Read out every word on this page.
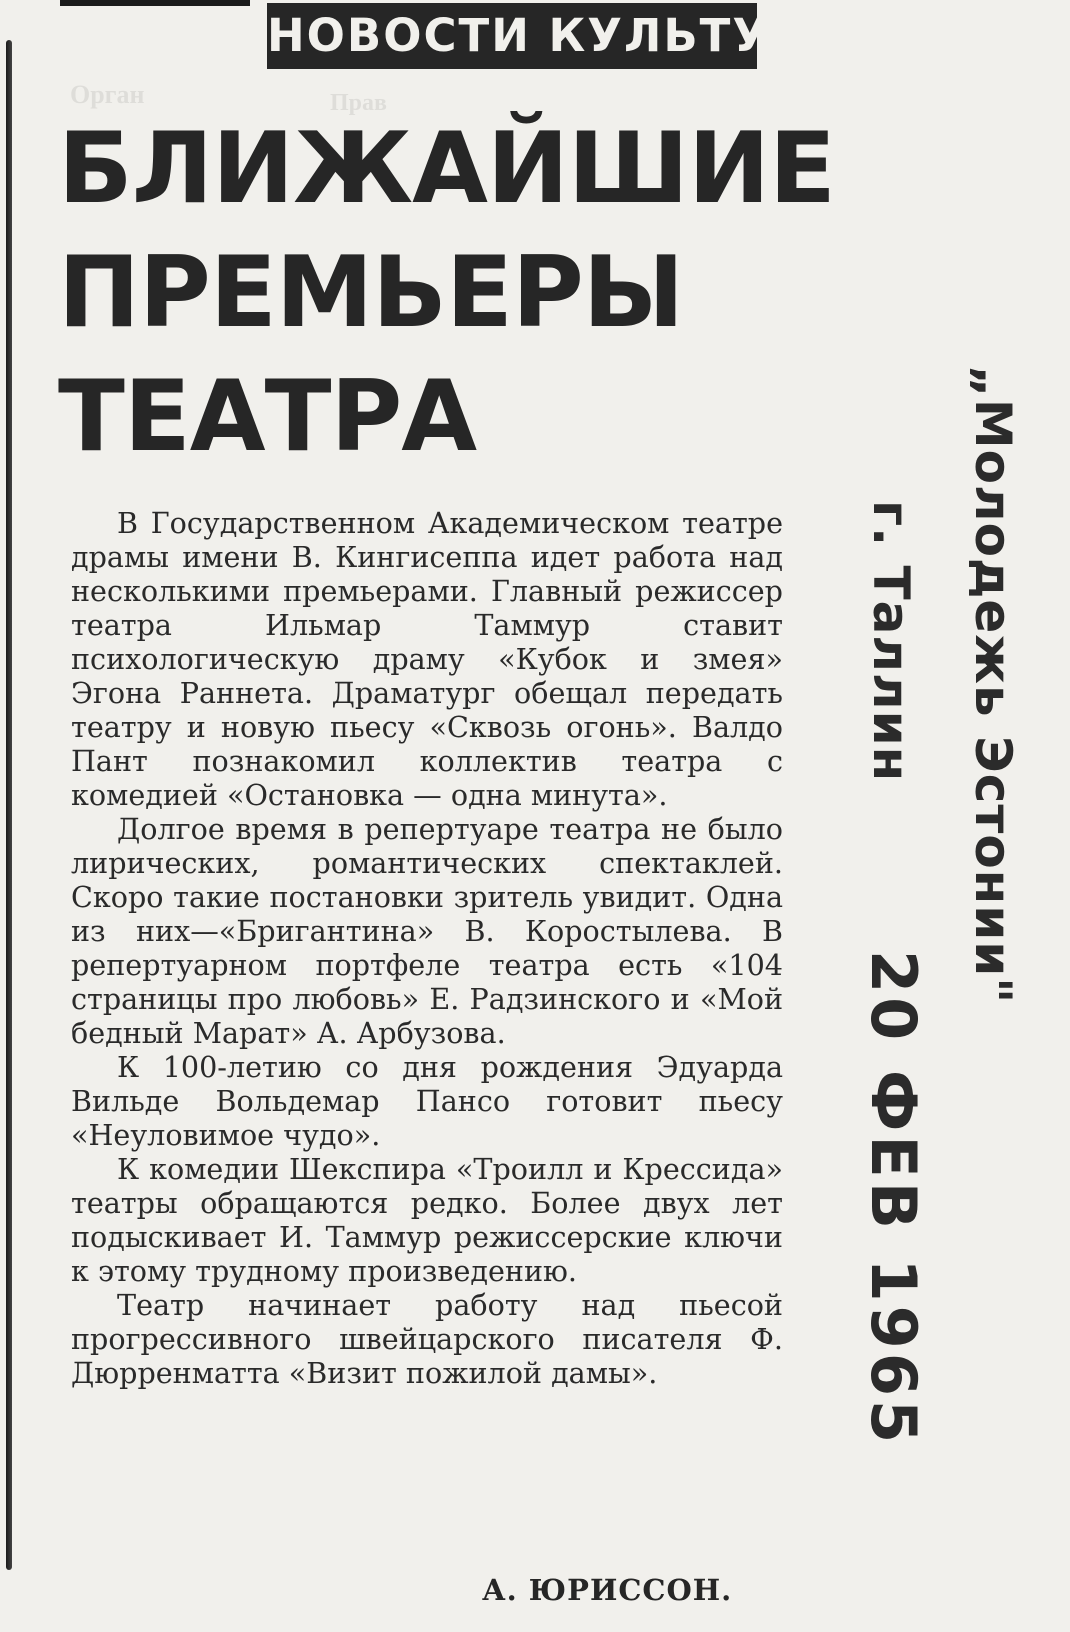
Орган	Прав
НОВОСТИ КУЛЬТУРЫ
БЛИЖАЙШИЕ
ПРЕМЬЕРЫ
ТЕАТРА

В Государственном Академическом театре драмы имени В. Кингисеппа идет работа над несколькими премьерами. Главный режиссер театра Ильмар Таммур ставит психологическую драму «Кубок и змея» Эгона Раннета. Драматург обещал передать театру и новую пьесу «Сквозь огонь». Валдо Пант познакомил коллектив театра с комедией «Остановка — одна минута».

Долгое время в репертуаре театра не было лирических, романтических спектаклей. Скоро такие постановки зритель увидит. Одна из них—«Бригантина» В. Коростылева. В репертуарном портфеле театра есть «104 страницы про любовь» Е. Радзинского и «Мой бедный Марат» А. Арбузова.

К 100-летию со дня рождения Эдуарда Вильде Вольдемар Пансо готовит пьесу «Неуловимое чудо».

К комедии Шекспира «Троилл и Крессида» театры обращаются редко. Более двух лет подыскивает И. Таммур режиссерские ключи к этому трудному произведению.

Театр начинает работу над пьесой прогрессивного швейцарского писателя Ф. Дюрренматта «Визит пожилой дамы».

А. ЮРИССОН.
„Молодежь Эстонии"
г. Таллин
20 ФЕВ 1965
